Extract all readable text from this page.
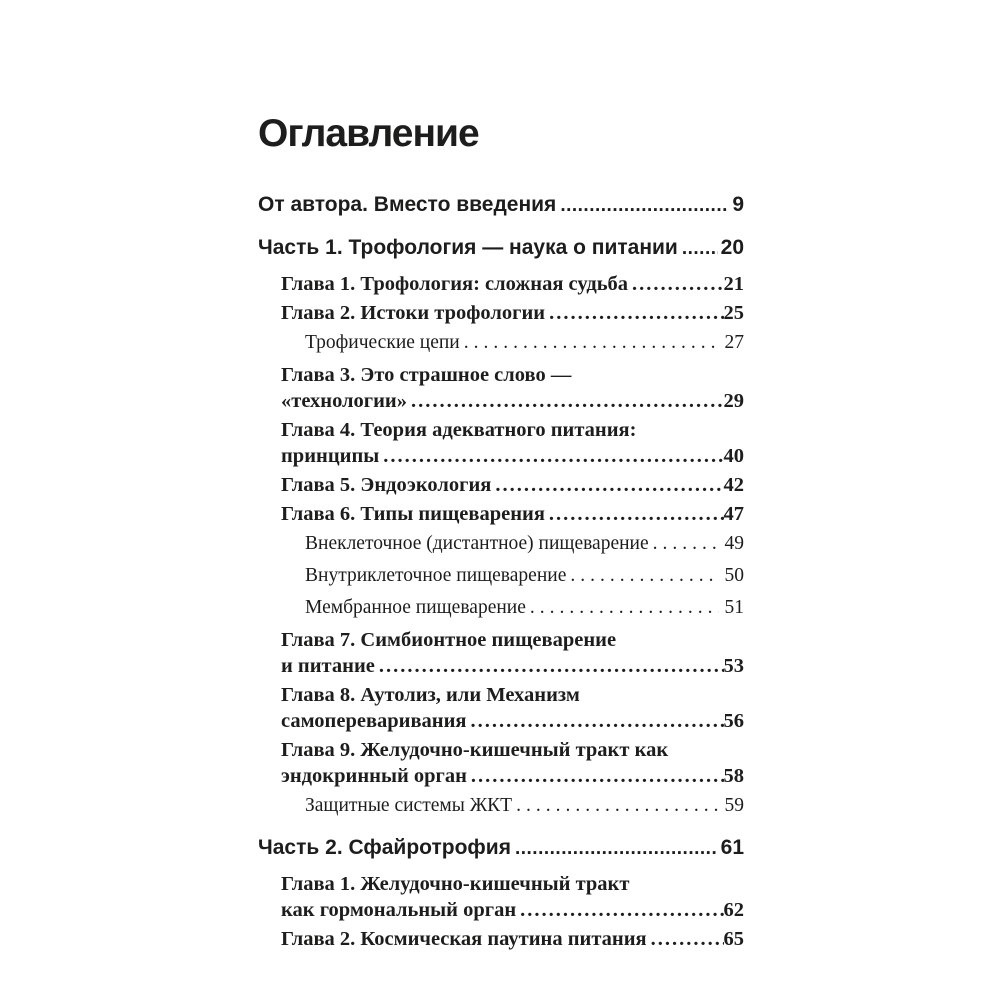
Оглавление
От автора. Вместо введения .....	9
Часть 1. Трофология — наука о питании ..... 20
Глава 1. Трофология: сложная судьба .....	21
Глава 2. Истоки трофологии .....	25
Трофические цепи .....	27
Глава 3. Это страшное слово —
«технологии» .....	29
Глава 4. Теория адекватного питания:
принципы .....	40
Глава 5. Эндоэкология .....	42
Глава 6. Типы пищеварения .....	47
Внеклеточное (дистантное) пищеварение .....	49
Внутриклеточное пищеварение .....	50
Мембранное пищеварение .....	51
Глава 7. Симбионтное пищеварение
и питание .....	53
Глава 8. Аутолиз, или Механизм
самопереваривания .....	56
Глава 9. Желудочно-кишечный тракт как
эндокринный орган .....	58
Защитные системы ЖКТ .....	59
Часть 2. Сфайротрофия .....	61
Глава 1. Желудочно-кишечный тракт
как гормональный орган .....	62
Глава 2. Космическая паутина питания .....	65
